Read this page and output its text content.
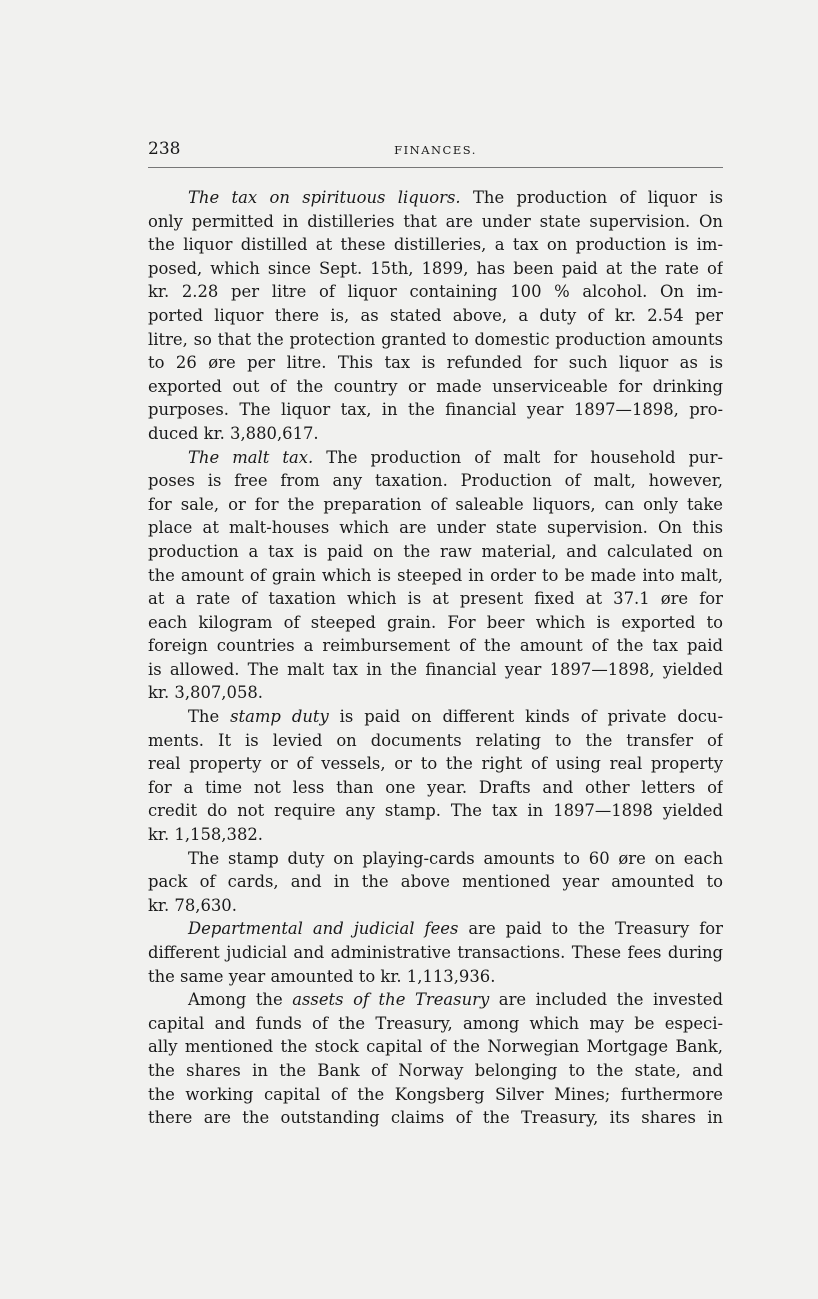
238	FINANCES.
The tax on spirituous liquors. The production of liquor is
only permitted in distilleries that are under state supervision. On
the liquor distilled at these distilleries, a tax on production is im-
posed, which since Sept. 15th, 1899, has been paid at the rate of
kr. 2.28 per litre of liquor containing 100 % alcohol. On im-
ported liquor there is, as stated above, a duty of kr. 2.54 per
litre, so that the protection granted to domestic production amounts
to 26 øre per litre. This tax is refunded for such liquor as is
exported out of the country or made unserviceable for drinking
purposes. The liquor tax, in the financial year 1897—1898, pro-
duced kr. 3,880,617.
The malt tax. The production of malt for household pur-
poses is free from any taxation. Production of malt, however,
for sale, or for the preparation of saleable liquors, can only take
place at malt-houses which are under state supervision. On this
production a tax is paid on the raw material, and calculated on
the amount of grain which is steeped in order to be made into malt,
at a rate of taxation which is at present fixed at 37.1 øre for
each kilogram of steeped grain. For beer which is exported to
foreign countries a reimbursement of the amount of the tax paid
is allowed. The malt tax in the financial year 1897—1898, yielded
kr. 3,807,058.
The stamp duty is paid on different kinds of private docu-
ments. It is levied on documents relating to the transfer of
real property or of vessels, or to the right of using real property
for a time not less than one year. Drafts and other letters of
credit do not require any stamp. The tax in 1897—1898 yielded
kr. 1,158,382.
The stamp duty on playing-cards amounts to 60 øre on each
pack of cards, and in the above mentioned year amounted to
kr. 78,630.
Departmental and judicial fees are paid to the Treasury for
different judicial and administrative transactions. These fees during
the same year amounted to kr. 1,113,936.
Among the assets of the Treasury are included the invested
capital and funds of the Treasury, among which may be especi-
ally mentioned the stock capital of the Norwegian Mortgage Bank,
the shares in the Bank of Norway belonging to the state, and
the working capital of the Kongsberg Silver Mines; furthermore
there are the outstanding claims of the Treasury, its shares in
